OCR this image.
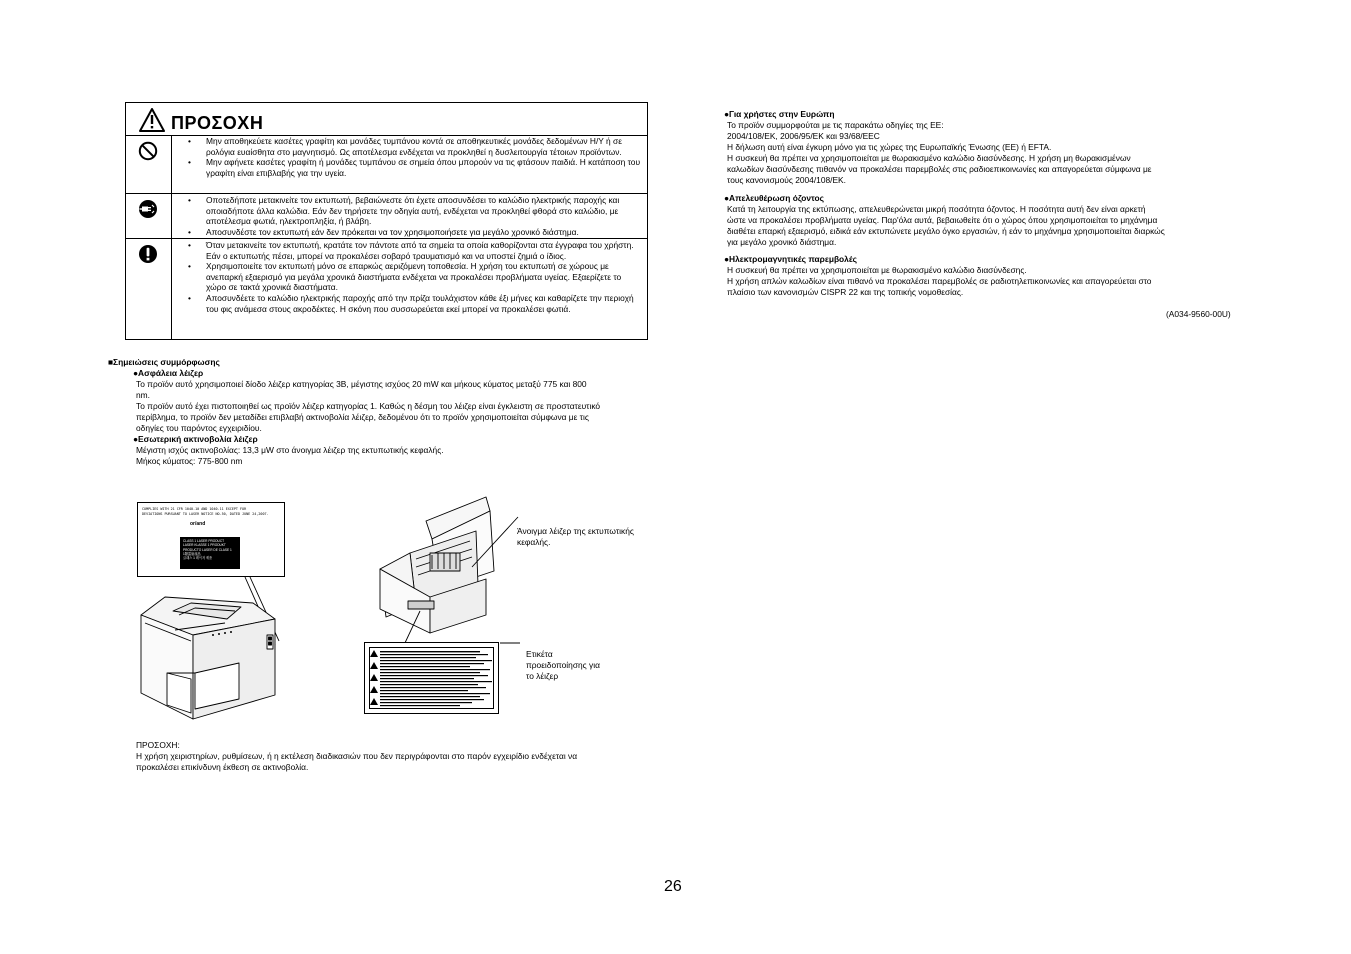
ΠΡΟΣΟΧΗ
• Μην αποθηκεύετε κασέτες γραφίτη και μονάδες τυμπάνου κοντά σε αποθηκευτικές μονάδες δεδομένων Η/Υ ή σε ρολόγια ευαίσθητα στο μαγνητισμό. Ως αποτέλεσμα ενδέχεται να προκληθεί η δυσλειτουργία τέτοιων προϊόντων.
• Μην αφήνετε κασέτες γραφίτη ή μονάδες τυμπάνου σε σημεία όπου μπορούν να τις φτάσουν παιδιά. Η κατάποση του γραφίτη είναι επιβλαβής για την υγεία.
• Οποτεδήποτε μετακινείτε τον εκτυπωτή, βεβαιώνεστε ότι έχετε αποσυνδέσει το καλώδιο ηλεκτρικής παροχής και οποιαδήποτε άλλα καλώδια. Εάν δεν τηρήσετε την οδηγία αυτή, ενδέχεται να προκληθεί φθορά στο καλώδιο, με αποτέλεσμα φωτιά, ηλεκτροπληξία, ή βλάβη.
• Αποσυνδέστε τον εκτυπωτή εάν δεν πρόκειται να τον χρησιμοποιήσετε για μεγάλο χρονικό διάστημα.
• Όταν μετακινείτε τον εκτυπωτή, κρατάτε τον πάντοτε από τα σημεία τα οποία καθορίζονται στα έγγραφα του χρήστη. Εάν ο εκτυπωτής πέσει, μπορεί να προκαλέσει σοβαρό τραυματισμό και να υποστεί ζημιά ο ίδιος.
• Χρησιμοποιείτε τον εκτυπωτή μόνο σε επαρκώς αεριζόμενη τοποθεσία. Η χρήση του εκτυπωτή σε χώρους με ανεπαρκή εξαερισμό για μεγάλα χρονικά διαστήματα ενδέχεται να προκαλέσει προβλήματα υγείας. Εξαερίζετε το χώρο σε τακτά χρονικά διαστήματα.
• Αποσυνδέετε το καλώδιο ηλεκτρικής παροχής από την πρίζα τουλάχιστον κάθε έξι μήνες και καθαρίζετε την περιοχή του φις ανάμεσα στους ακροδέκτες. Η σκόνη που συσσωρεύεται εκεί μπορεί να προκαλέσει φωτιά.
■Σημειώσεις συμμόρφωσης
●Ασφάλεια λέιζερ
Το προϊόν αυτό χρησιμοποιεί δίοδο λέιζερ κατηγορίας 3B, μέγιστης ισχύος 20 mW και μήκους κύματος μεταξύ 775 και 800
nm.
Το προϊόν αυτό έχει πιστοποιηθεί ως προϊόν λέιζερ κατηγορίας 1. Καθώς η δέσμη του λέιζερ είναι έγκλειστη σε προστατευτικό
περίβλημα, το προϊόν δεν μεταδίδει επιβλαβή ακτινοβολία λέιζερ, δεδομένου ότι το προϊόν χρησιμοποιείται σύμφωνα με τις
οδηγίες του παρόντος εγχειριδίου.
●Εσωτερική ακτινοβολία λέιζερ
Μέγιστη ισχύς ακτινοβολίας: 13,3 μW στο άνοιγμα λέιζερ της εκτυπωτικής κεφαλής.
Μήκος κύματος: 775-800 nm
COMPLIES WITH 21 CFR 1040.10 AND 1040.11 EXCEPT FOR
DEVIATIONS PURSUANT TO LASER NOTICE NO.50, DATED JUNE 24,2007.
or/and
CLASS 1 LASER PRODUCT
LASER KLASSE 1 PRODUKT
PRODUCTO LASER DE CLASE 1
1類雷射產品
클래스 1 레이저 제품
Άνοιγμα λέιζερ της εκτυπωτικής
κεφαλής.
Ετικέτα
προειδοποίησης για
το λέιζερ
ΠΡΟΣΟΧΗ:
Η χρήση χειριστηρίων, ρυθμίσεων, ή η εκτέλεση διαδικασιών που δεν περιγράφονται στο παρόν εγχειρίδιο ενδέχεται να
προκαλέσει επικίνδυνη έκθεση σε ακτινοβολία.
●Για χρήστες στην Ευρώπη
Το προϊόν συμμορφούται με τις παρακάτω οδηγίες της ΕΕ:
2004/108/EK, 2006/95/EK και 93/68/EEC
Η δήλωση αυτή είναι έγκυρη μόνο για τις χώρες της Ευρωπαϊκής Ένωσης (ΕΕ) ή EFTA.
Η συσκευή θα πρέπει να χρησιμοποιείται με θωρακισμένο καλώδιο διασύνδεσης. Η χρήση μη θωρακισμένων
καλωδίων διασύνδεσης πιθανόν να προκαλέσει παρεμβολές στις ραδιοεπικοινωνίες και απαγορεύεται σύμφωνα με
τους κανονισμούς 2004/108/ΕΚ.
●Απελευθέρωση όζοντος
Κατά τη λειτουργία της εκτύπωσης, απελευθερώνεται μικρή ποσότητα όζοντος. Η ποσότητα αυτή δεν είναι αρκετή
ώστε να προκαλέσει προβλήματα υγείας. Παρ'όλα αυτά, βεβαιωθείτε ότι ο χώρος όπου χρησιμοποιείται το μηχάνημα
διαθέτει επαρκή εξαερισμό, ειδικά εάν εκτυπώνετε μεγάλο όγκο εργασιών, ή εάν το μηχάνημα χρησιμοποιείται διαρκώς
για μεγάλο χρονικό διάστημα.
●Ηλεκτρομαγνητικές παρεμβολές
Η συσκευή θα πρέπει να χρησιμοποιείται με θωρακισμένο καλώδιο διασύνδεσης.
Η χρήση απλών καλωδίων είναι πιθανό να προκαλέσει παρεμβολές σε ραδιοτηλεπικοινωνίες και απαγορεύεται στο
πλαίσιο των κανονισμών CISPR 22 και της τοπικής νομοθεσίας.
(A034-9560-00U)
26
